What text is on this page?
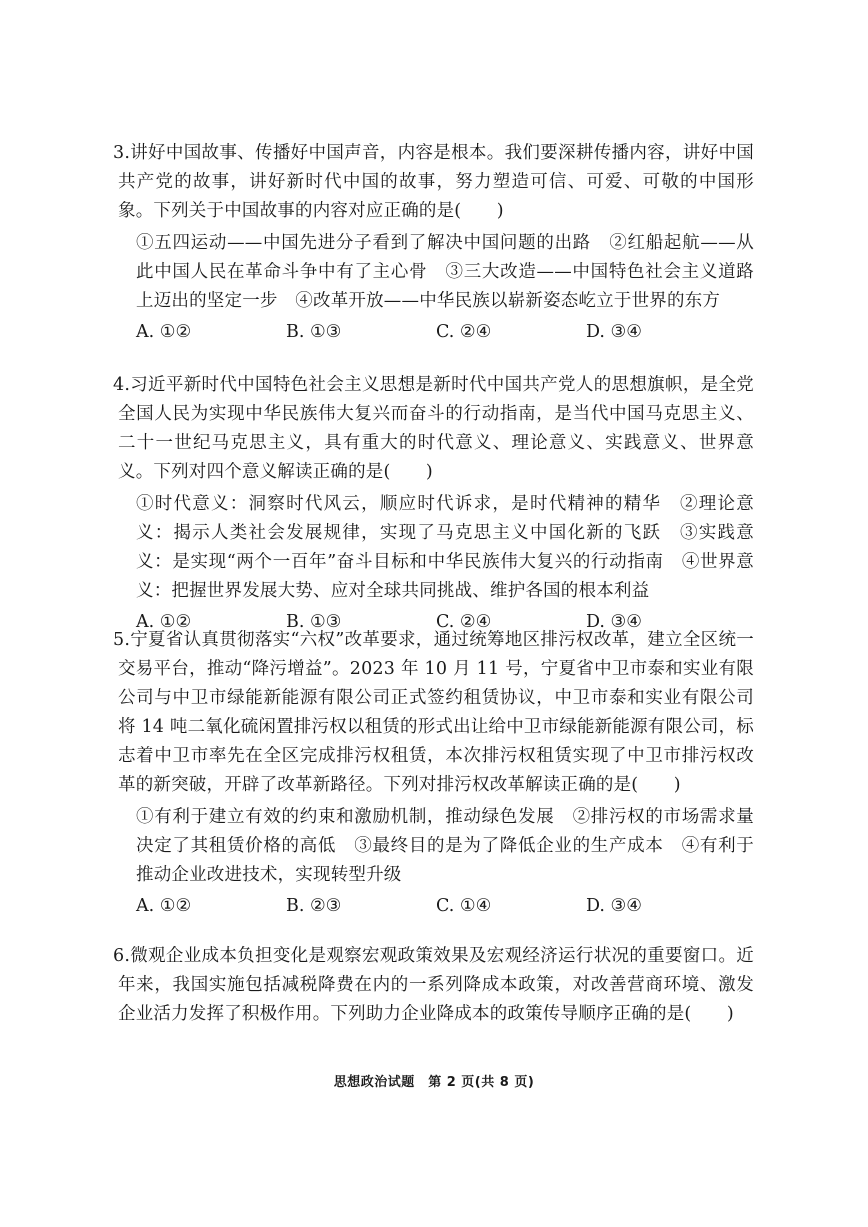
3.讲好中国故事、传播好中国声音，内容是根本。我们要深耕传播内容，讲好中国共产党的故事，讲好新时代中国的故事，努力塑造可信、可爱、可敬的中国形象。下列关于中国故事的内容对应正确的是(　　)
①五四运动——中国先进分子看到了解决中国问题的出路　②红船起航——从此中国人民在革命斗争中有了主心骨　③三大改造——中国特色社会主义道路上迈出的坚定一步　④改革开放——中华民族以崭新姿态屹立于世界的东方
A. ①②	B. ①③	C. ②④	D. ③④
4.习近平新时代中国特色社会主义思想是新时代中国共产党人的思想旗帜，是全党全国人民为实现中华民族伟大复兴而奋斗的行动指南，是当代中国马克思主义、二十一世纪马克思主义，具有重大的时代意义、理论意义、实践意义、世界意义。下列对四个意义解读正确的是(　　)
①时代意义：洞察时代风云，顺应时代诉求，是时代精神的精华　②理论意义：揭示人类社会发展规律，实现了马克思主义中国化新的飞跃　③实践意义：是实现“两个一百年”奋斗目标和中华民族伟大复兴的行动指南　④世界意义：把握世界发展大势、应对全球共同挑战、维护各国的根本利益
A. ①②	B. ①③	C. ②④	D. ③④
5.宁夏省认真贯彻落实“六权”改革要求，通过统筹地区排污权改革，建立全区统一交易平台，推动“降污增益”。2023 年 10 月 11 号，宁夏省中卫市泰和实业有限公司与中卫市绿能新能源有限公司正式签约租赁协议，中卫市泰和实业有限公司将 14 吨二氧化硫闲置排污权以租赁的形式出让给中卫市绿能新能源有限公司，标志着中卫市率先在全区完成排污权租赁，本次排污权租赁实现了中卫市排污权改革的新突破，开辟了改革新路径。下列对排污权改革解读正确的是(　　)
①有利于建立有效的约束和激励机制，推动绿色发展　②排污权的市场需求量决定了其租赁价格的高低　③最终目的是为了降低企业的生产成本　④有利于推动企业改进技术，实现转型升级
A. ①②	B. ②③	C. ①④	D. ③④
6.微观企业成本负担变化是观察宏观政策效果及宏观经济运行状况的重要窗口。近年来，我国实施包括减税降费在内的一系列降成本政策，对改善营商环境、激发企业活力发挥了积极作用。下列助力企业降成本的政策传导顺序正确的是(　　)
思想政治试题　第 2 页(共 8 页)
